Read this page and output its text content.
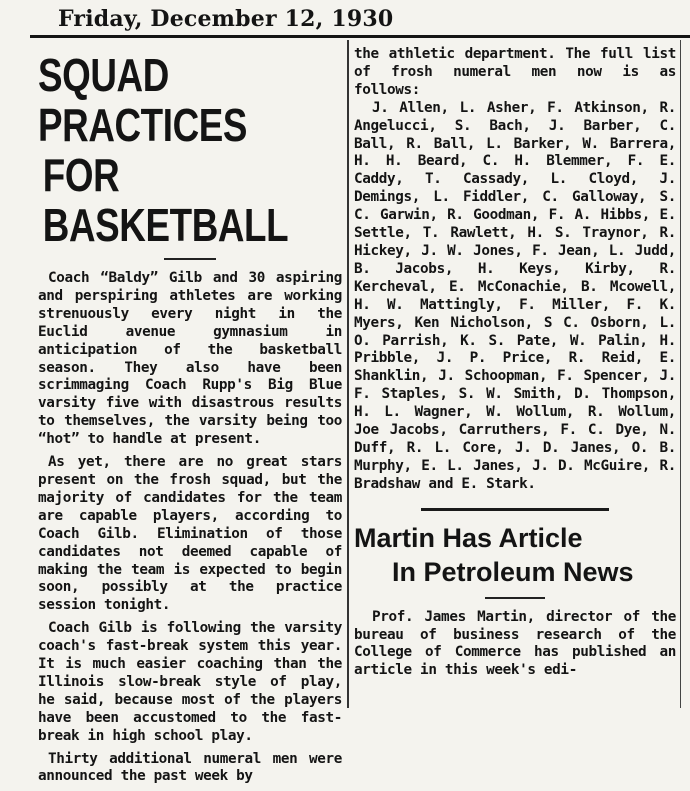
Friday, December 12, 1930
SQUAD PRACTICES
FOR BASKETBALL

Coach “Baldy” Gilb and 30 aspiring and perspiring athletes are working strenuously every night in the Euclid avenue gymnasium in anticipation of the basketball season. They also have been scrimmaging Coach Rupp's Big Blue varsity five with disastrous results to themselves, the varsity being too “hot” to handle at present.

As yet, there are no great stars present on the frosh squad, but the majority of candidates for the team are capable players, according to Coach Gilb. Elimination of those candidates not deemed capable of making the team is expected to begin soon, possibly at the practice session tonight.

Coach Gilb is following the varsity coach's fast-break system this year. It is much easier coaching than the Illinois slow-break style of play, he said, because most of the players have been accustomed to the fast-break in high school play.

Thirty additional numeral men were announced the past week by

the athletic department. The full list of frosh numeral men now is as follows:

J. Allen, L. Asher, F. Atkinson, R. Angelucci, S. Bach, J. Barber, C. Ball, R. Ball, L. Barker, W. Barrera, H. H. Beard, C. H. Blemmer, F. E. Caddy, T. Cassady, L. Cloyd, J. Demings, L. Fiddler, C. Galloway, S. C. Garwin, R. Goodman, F. A. Hibbs, E. Settle, T. Rawlett, H. S. Traynor, R. Hickey, J. W. Jones, F. Jean, L. Judd, B. Jacobs, H. Keys, Kirby, R. Kercheval, E. McConachie, B. Mcowell, H. W. Mattingly, F. Miller, F. K. Myers, Ken Nicholson, S C. Osborn, L. O. Parrish, K. S. Pate, W. Palin, H. Pribble, J. P. Price, R. Reid, E. Shanklin, J. Schoopman, F. Spencer, J. F. Staples, S. W. Smith, D. Thompson, H. L. Wagner, W. Wollum, R. Wollum, Joe Jacobs, Carruthers, F. C. Dye, N. Duff, R. L. Core, J. D. Janes, O. B. Murphy, E. L. Janes, J. D. McGuire, R. Bradshaw and E. Stark.

Martin Has Article
In Petroleum News

Prof. James Martin, director of the bureau of business research of the College of Commerce has published an article in this week's edi-
